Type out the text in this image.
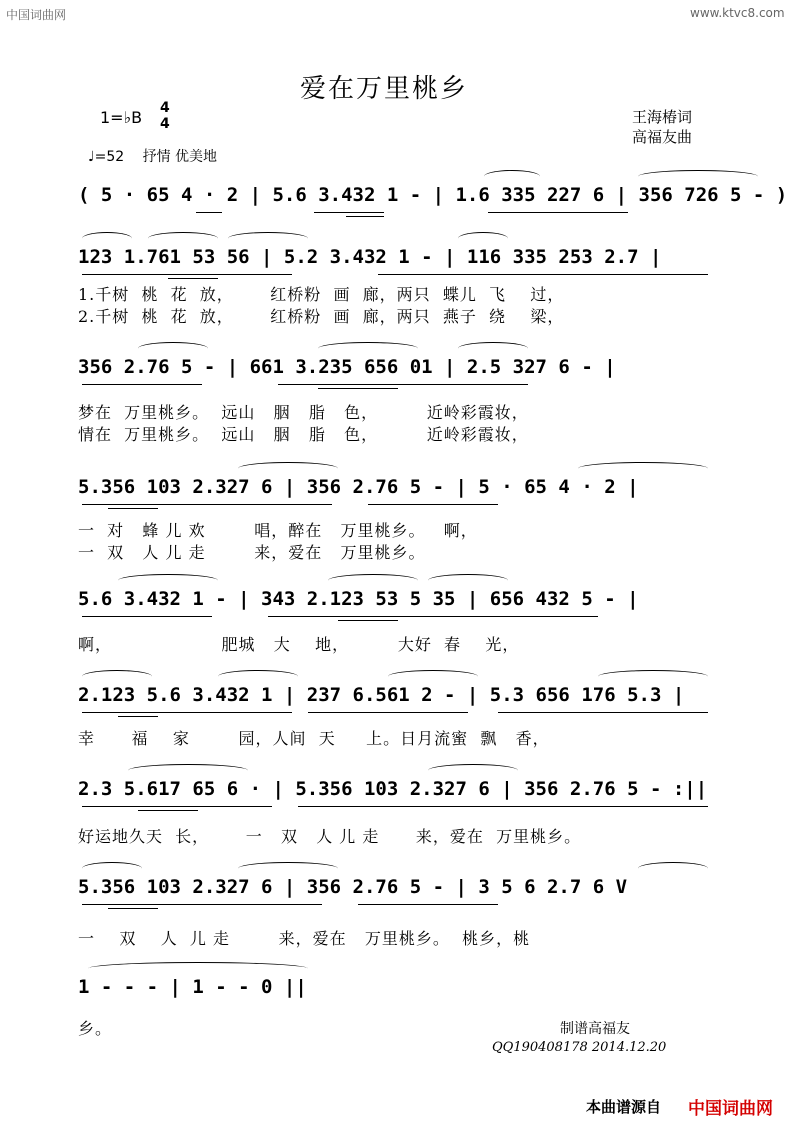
中国词曲网	www.ktvc8.com
爱在万里桃乡
王海椿词
高福友曲
1=♭B 4
4
♩=52 抒情 优美地
( 5 · 65 4 · 2 | 5.6 3.432 1 - | 1.6 335 227 6 | 356 726 5 - )
123 1.761 53 56 | 5.2 3.432 1 - | 116 335 253 2.7 |
1.千树  桃  花  放，      红桥粉  画  廊，两只  蝶儿  飞    过，
2.千树  桃  花  放，      红桥粉  画  廊，两只  燕子  绕    梁，
356 2.76 5 - | 661 3.235 656 01 | 2.5 327 6 - |
梦在  万里桃乡。  远山   胭   脂   色，        近岭彩霞妆，
情在  万里桃乡。  远山   胭   脂   色，        近岭彩霞妆，
5.356 103 2.327 6 | 356 2.76 5 - | 5 · 65 4 · 2 |
一  对   蜂 儿 欢        唱，醉在   万里桃乡。   啊，
一  双   人 儿 走        来，爱在   万里桃乡。
5.6 3.432 1 - | 343 2.123 53 5 35 | 656 432 5 - |
啊，                  肥城   大    地，        大好  春    光，
2.123 5.6 3.432 1 | 237 6.561 2 - | 5.3 656 176 5.3 |
幸      福    家        园，人间  天     上。日月流蜜  飘   香，
2.3 5.617 65 6 · | 5.356 103 2.327 6 | 356 2.76 5 - :||
好运地久天  长，      一   双   人 儿 走      来，爱在  万里桃乡。
5.356 103 2.327 6 | 356 2.76 5 - | 3 5 6 2.7 6 V
一    双    人  儿 走        来，爱在   万里桃乡。  桃乡，桃
1 - - - | 1 - - 0 ||
乡。	制谱高福友
QQ190408178 2014.12.20
本曲谱源自 中国词曲网
